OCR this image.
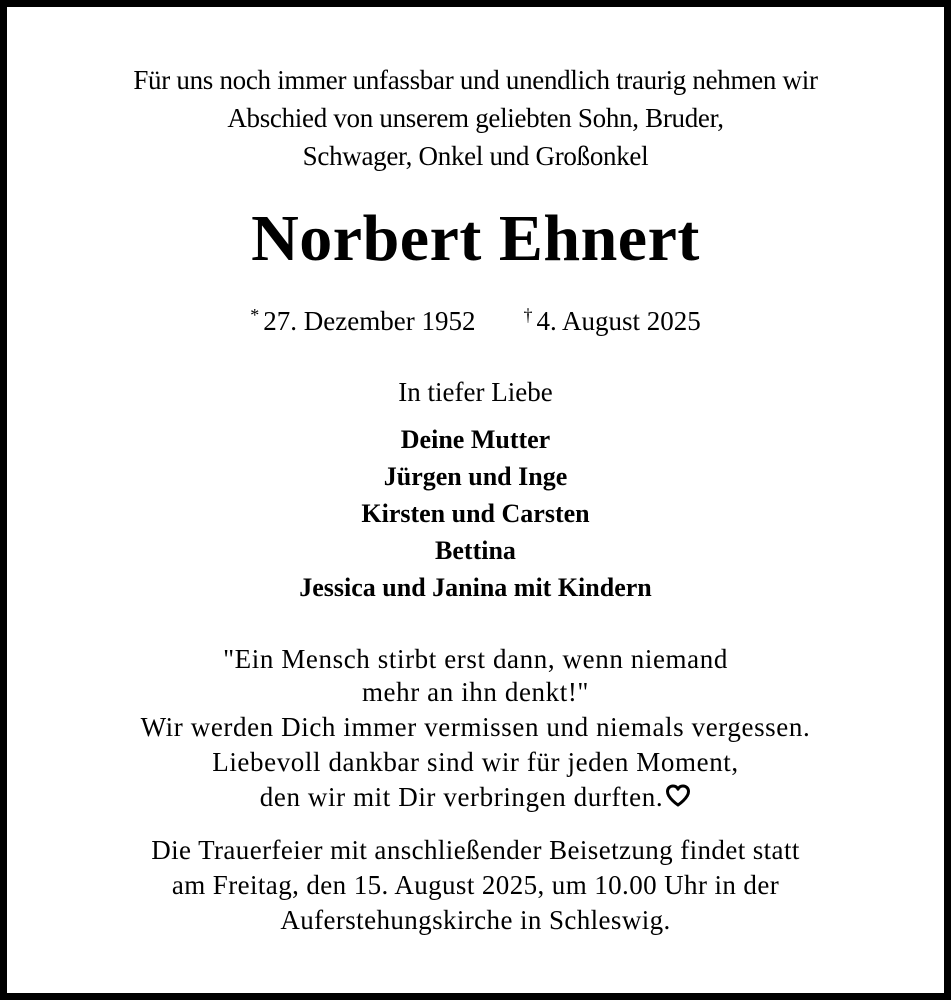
Für uns noch immer unfassbar und unendlich traurig nehmen wir
Abschied von unserem geliebten Sohn, Bruder,
Schwager, Onkel und Großonkel
Norbert Ehnert
* 27. Dezember 1952	† 4. August 2025
In tiefer Liebe
Deine Mutter
Jürgen und Inge
Kirsten und Carsten
Bettina
Jessica und Janina mit Kindern
"Ein Mensch stirbt erst dann, wenn niemand
mehr an ihn denkt!"
Wir werden Dich immer vermissen und niemals vergessen.
Liebevoll dankbar sind wir für jeden Moment,
den wir mit Dir verbringen durften.
Die Trauerfeier mit anschließender Beisetzung findet statt
am Freitag, den 15. August 2025, um 10.00 Uhr in der
Auferstehungskirche in Schleswig.
